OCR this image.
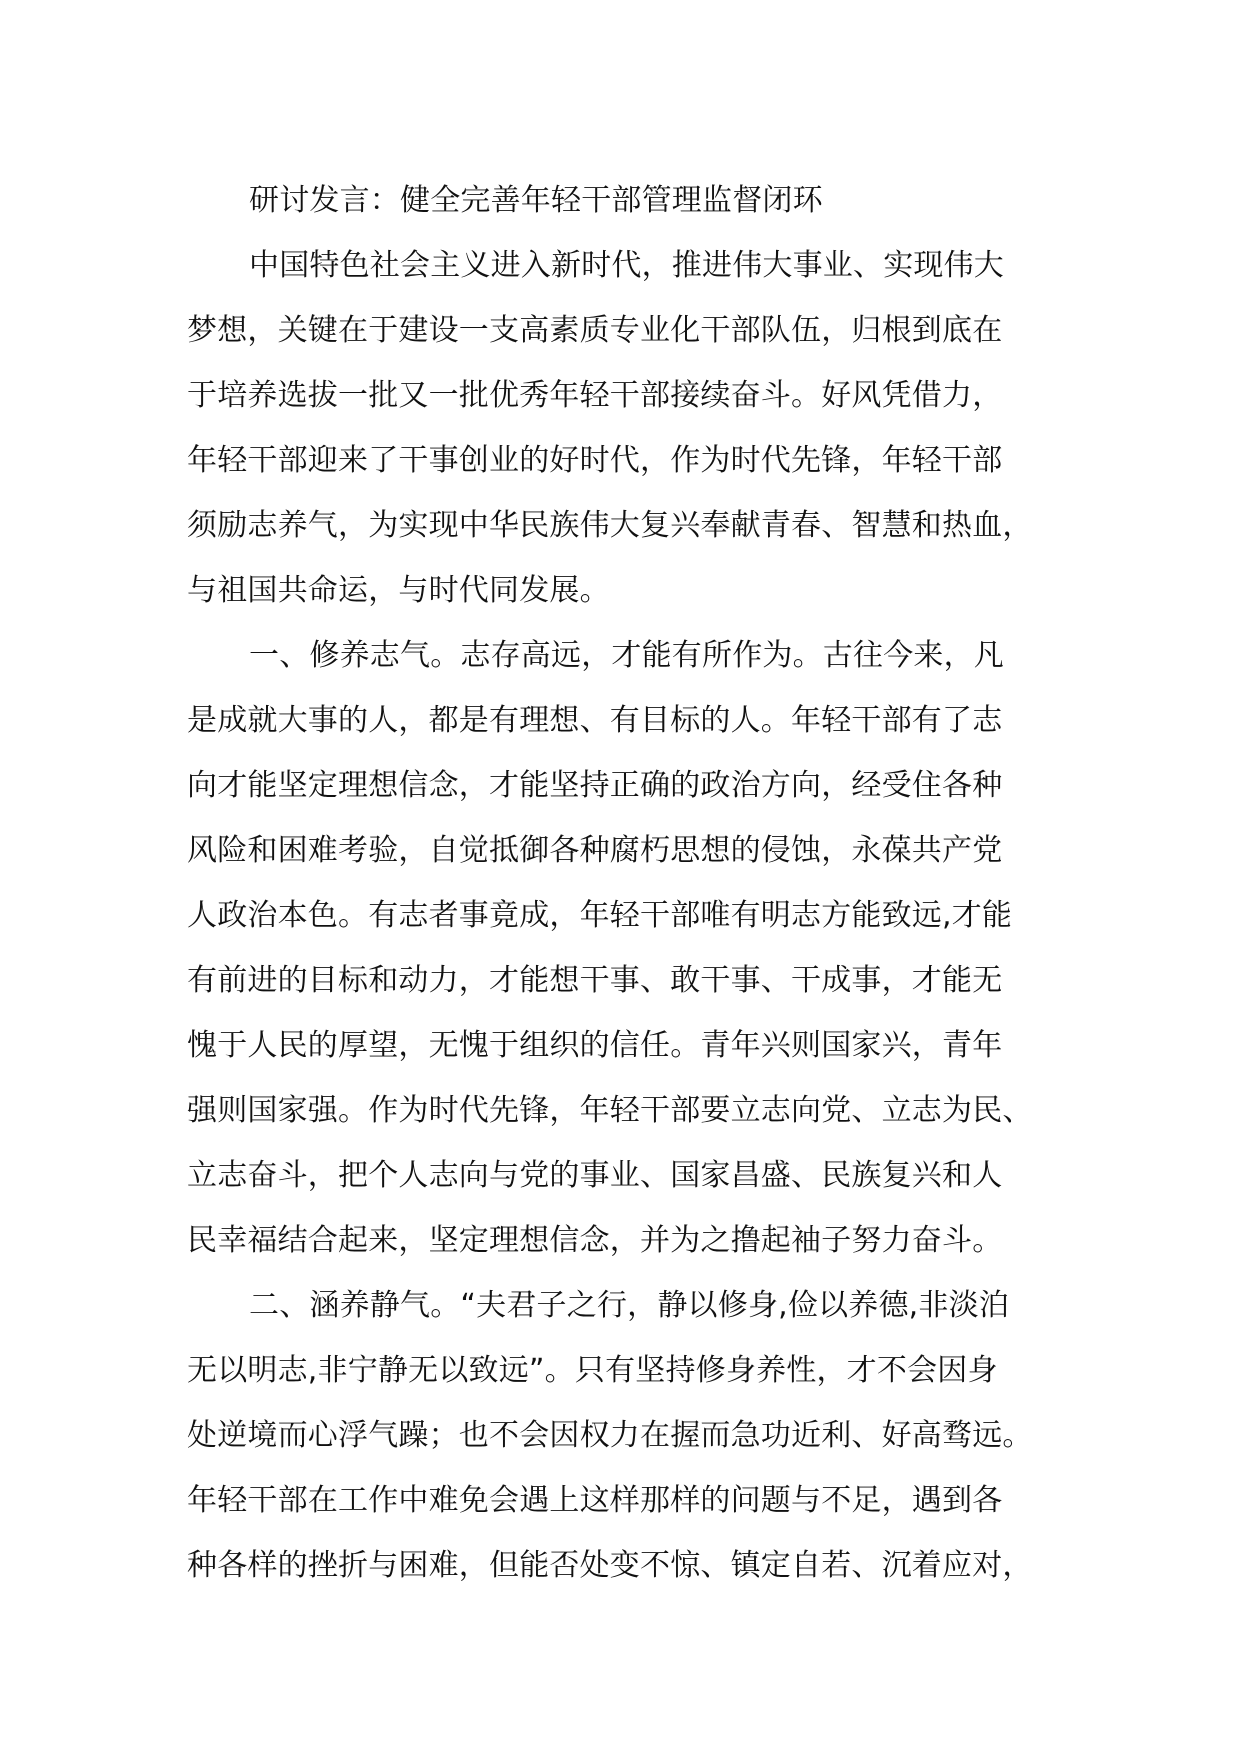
研讨发言：健全完善年轻干部管理监督闭环
中国特色社会主义进入新时代，推进伟大事业、实现伟大
梦想，关键在于建设一支高素质专业化干部队伍，归根到底在
于培养选拔一批又一批优秀年轻干部接续奋斗。好风凭借力，
年轻干部迎来了干事创业的好时代，作为时代先锋，年轻干部
须励志养气，为实现中华民族伟大复兴奉献青春、智慧和热血，
与祖国共命运，与时代同发展。
一、修养志气。志存高远，才能有所作为。古往今来，凡
是成就大事的人，都是有理想、有目标的人。年轻干部有了志
向才能坚定理想信念，才能坚持正确的政治方向，经受住各种
风险和困难考验，自觉抵御各种腐朽思想的侵蚀，永葆共产党
人政治本色。有志者事竟成，年轻干部唯有明志方能致远,才能
有前进的目标和动力，才能想干事、敢干事、干成事，才能无
愧于人民的厚望，无愧于组织的信任。青年兴则国家兴，青年
强则国家强。作为时代先锋，年轻干部要立志向党、立志为民、
立志奋斗，把个人志向与党的事业、国家昌盛、民族复兴和人
民幸福结合起来，坚定理想信念，并为之撸起袖子努力奋斗。
二、涵养静气。“夫君子之行，静以修身,俭以养德,非淡泊
无以明志,非宁静无以致远”。只有坚持修身养性，才不会因身
处逆境而心浮气躁；也不会因权力在握而急功近利、好高骛远。
年轻干部在工作中难免会遇上这样那样的问题与不足，遇到各
种各样的挫折与困难，但能否处变不惊、镇定自若、沉着应对，
